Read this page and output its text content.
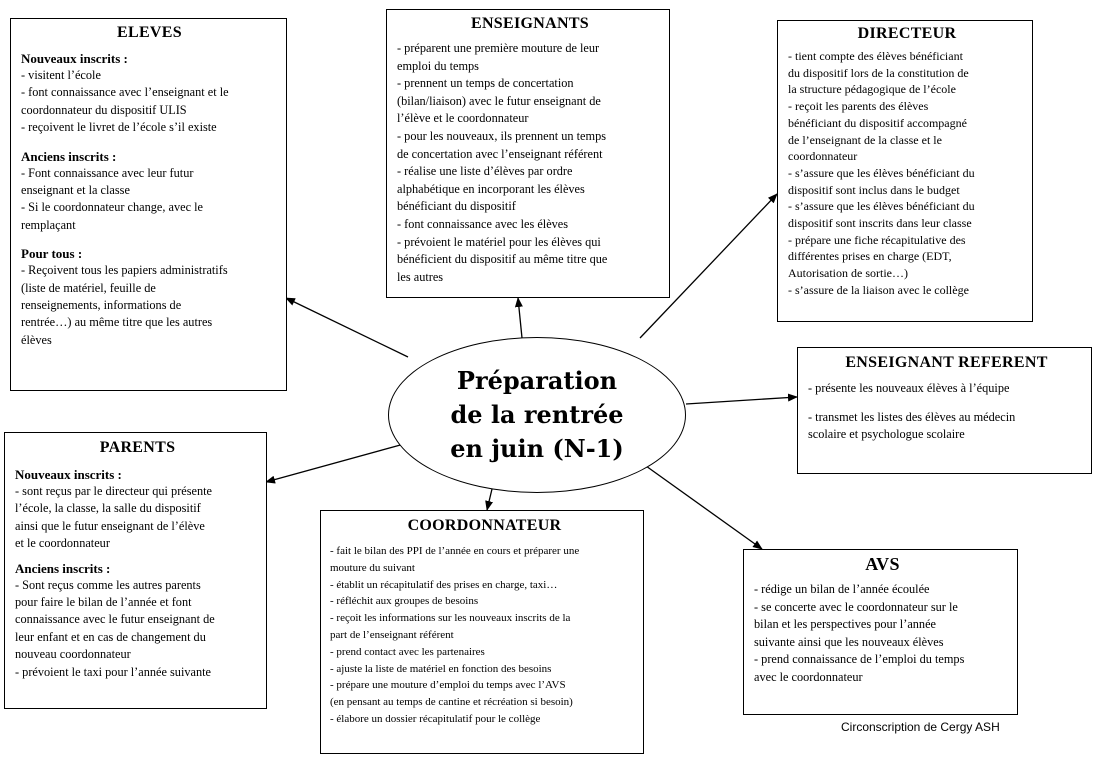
ELEVES
Nouveaux inscrits :
- visitent l’école
- font connaissance avec l’enseignant et le
coordonnateur du dispositif ULIS
- reçoivent le livret de l’école s’il existe
Anciens inscrits :
- Font connaissance avec leur futur
enseignant et la classe
- Si le coordonnateur change, avec le
remplaçant
Pour tous :
- Reçoivent tous les papiers administratifs
(liste de matériel, feuille de
renseignements, informations de
rentrée…) au même titre que les autres
élèves
ENSEIGNANTS
- préparent une première mouture de leur
emploi du temps
- prennent un temps de concertation
(bilan/liaison) avec le futur enseignant de
l’élève et le coordonnateur
- pour les nouveaux, ils prennent un temps
de concertation avec l’enseignant référent
- réalise une liste d’élèves par ordre
alphabétique en incorporant les élèves
bénéficiant du dispositif
- font connaissance avec les élèves
- prévoient le matériel pour les élèves qui
bénéficient du dispositif au même titre que
les autres
DIRECTEUR
- tient compte des élèves bénéficiant
du dispositif lors de la constitution de
la structure pédagogique de l’école
- reçoit les parents des élèves
bénéficiant du dispositif accompagné
de l’enseignant de la classe et le
coordonnateur
- s’assure que les élèves bénéficiant du
dispositif sont inclus dans le budget
- s’assure que les élèves bénéficiant du
dispositif sont inscrits dans leur classe
- prépare une fiche récapitulative des
différentes prises en charge (EDT,
Autorisation de sortie…)
- s’assure de la liaison avec le collège
ENSEIGNANT REFERENT
- présente les nouveaux élèves à l’équipe
- transmet les listes des élèves au médecin
scolaire et psychologue scolaire
PARENTS
Nouveaux inscrits :
- sont reçus par le directeur qui présente
l’école, la classe, la salle du dispositif
ainsi que le futur enseignant de l’élève
et le coordonnateur
Anciens inscrits :
- Sont reçus comme les autres parents
pour faire le bilan de l’année et font
connaissance avec le futur enseignant de
leur enfant et en cas de changement du
nouveau coordonnateur
- prévoient le taxi pour l’année suivante
COORDONNATEUR
- fait le bilan des PPI de l’année en cours et préparer une
mouture du suivant
- établit un récapitulatif des prises en charge, taxi…
- réfléchit aux groupes de besoins
- reçoit les informations sur les nouveaux inscrits de la
part de l’enseignant référent
- prend contact avec les partenaires
- ajuste la liste de matériel en fonction des besoins
- prépare une mouture d’emploi du temps avec l’AVS
(en pensant au temps de cantine et récréation si besoin)
- élabore un dossier récapitulatif pour le collège
AVS
- rédige un bilan de l’année écoulée
- se concerte avec le coordonnateur sur le
bilan et les perspectives pour l’année
suivante ainsi que les nouveaux élèves
- prend connaissance de l’emploi du temps
avec le coordonnateur
Préparation
de la rentrée
en juin (N-1)
Circonscription de Cergy ASH
